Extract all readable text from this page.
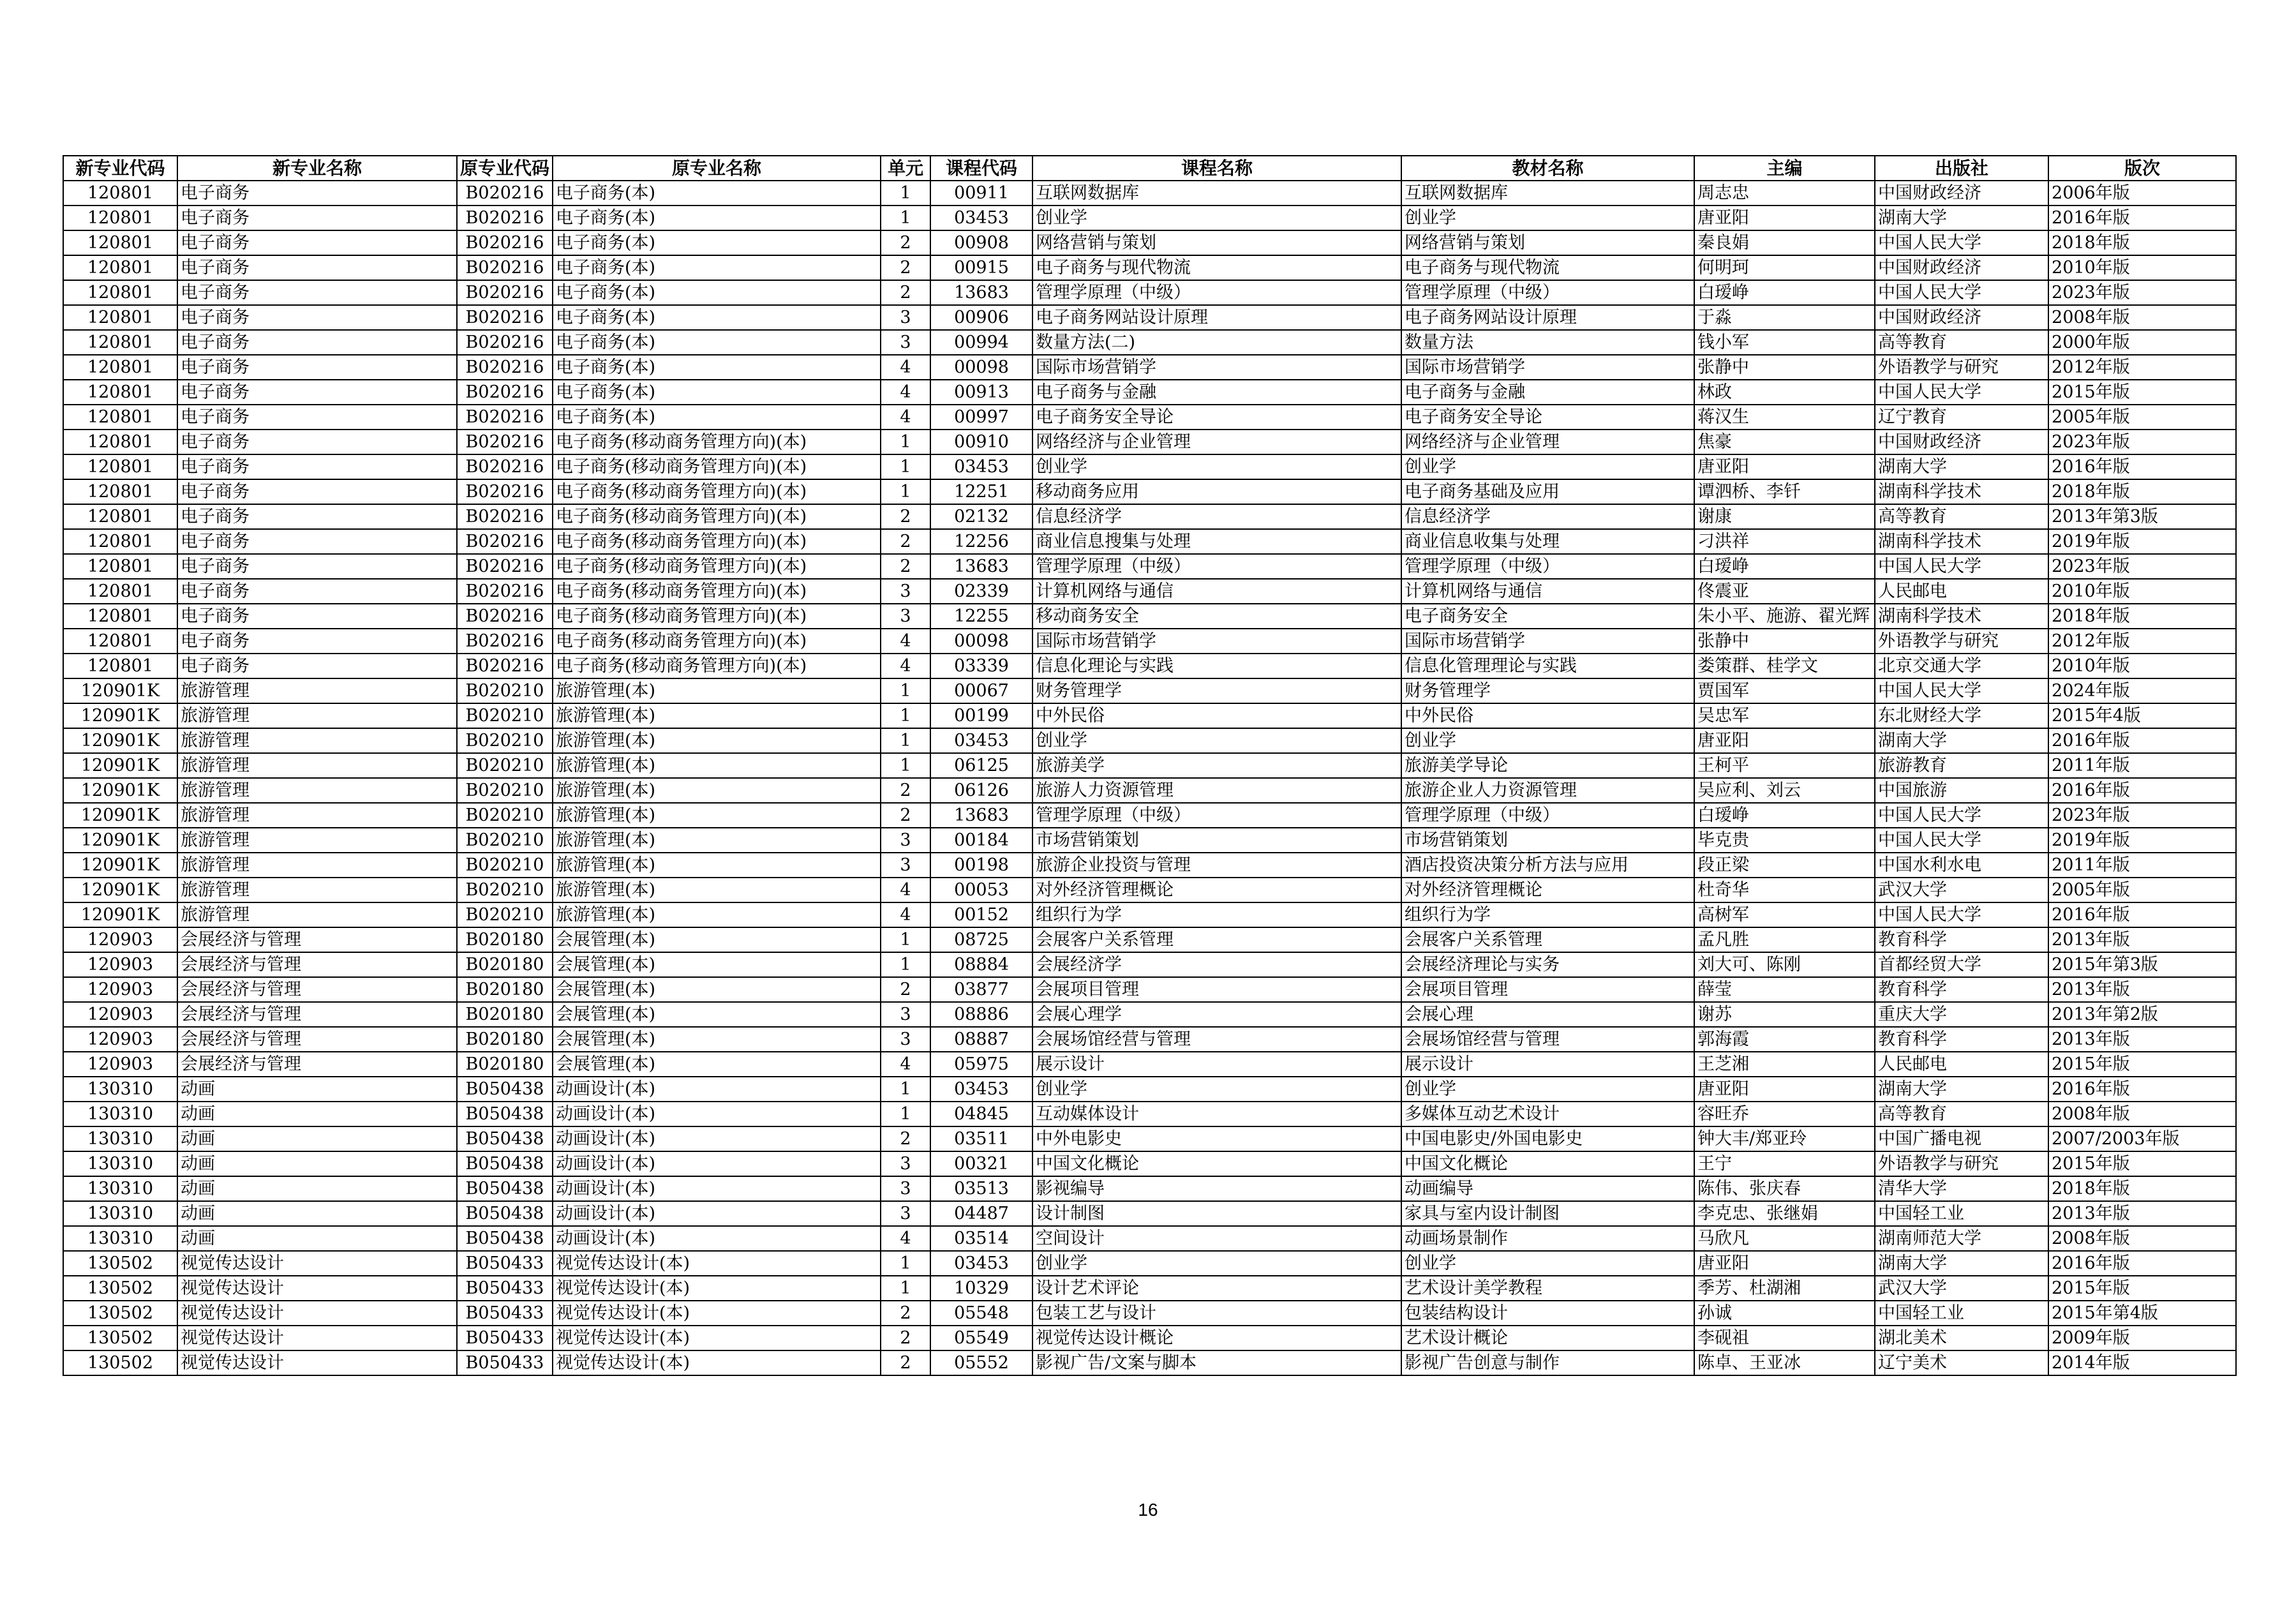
新专业代码	新专业名称	原专业代码	原专业名称	单元	课程代码	课程名称	教材名称	主编	出版社	版次
120801	电子商务	B020216	电子商务(本)	1	00911	互联网数据库	互联网数据库	周志忠	中国财政经济	2006年版
120801	电子商务	B020216	电子商务(本)	1	03453	创业学	创业学	唐亚阳	湖南大学	2016年版
120801	电子商务	B020216	电子商务(本)	2	00908	网络营销与策划	网络营销与策划	秦良娟	中国人民大学	2018年版
120801	电子商务	B020216	电子商务(本)	2	00915	电子商务与现代物流	电子商务与现代物流	何明珂	中国财政经济	2010年版
120801	电子商务	B020216	电子商务(本)	2	13683	管理学原理（中级）	管理学原理（中级）	白瑷峥	中国人民大学	2023年版
120801	电子商务	B020216	电子商务(本)	3	00906	电子商务网站设计原理	电子商务网站设计原理	于淼	中国财政经济	2008年版
120801	电子商务	B020216	电子商务(本)	3	00994	数量方法(二)	数量方法	钱小军	高等教育	2000年版
120801	电子商务	B020216	电子商务(本)	4	00098	国际市场营销学	国际市场营销学	张静中	外语教学与研究	2012年版
120801	电子商务	B020216	电子商务(本)	4	00913	电子商务与金融	电子商务与金融	林政	中国人民大学	2015年版
120801	电子商务	B020216	电子商务(本)	4	00997	电子商务安全导论	电子商务安全导论	蒋汉生	辽宁教育	2005年版
120801	电子商务	B020216	电子商务(移动商务管理方向)(本)	1	00910	网络经济与企业管理	网络经济与企业管理	焦豪	中国财政经济	2023年版
120801	电子商务	B020216	电子商务(移动商务管理方向)(本)	1	03453	创业学	创业学	唐亚阳	湖南大学	2016年版
120801	电子商务	B020216	电子商务(移动商务管理方向)(本)	1	12251	移动商务应用	电子商务基础及应用	谭泗桥、李钎	湖南科学技术	2018年版
120801	电子商务	B020216	电子商务(移动商务管理方向)(本)	2	02132	信息经济学	信息经济学	谢康	高等教育	2013年第3版
120801	电子商务	B020216	电子商务(移动商务管理方向)(本)	2	12256	商业信息搜集与处理	商业信息收集与处理	刁洪祥	湖南科学技术	2019年版
120801	电子商务	B020216	电子商务(移动商务管理方向)(本)	2	13683	管理学原理（中级）	管理学原理（中级）	白瑷峥	中国人民大学	2023年版
120801	电子商务	B020216	电子商务(移动商务管理方向)(本)	3	02339	计算机网络与通信	计算机网络与通信	佟震亚	人民邮电	2010年版
120801	电子商务	B020216	电子商务(移动商务管理方向)(本)	3	12255	移动商务安全	电子商务安全	朱小平、施游、翟光辉	湖南科学技术	2018年版
120801	电子商务	B020216	电子商务(移动商务管理方向)(本)	4	00098	国际市场营销学	国际市场营销学	张静中	外语教学与研究	2012年版
120801	电子商务	B020216	电子商务(移动商务管理方向)(本)	4	03339	信息化理论与实践	信息化管理理论与实践	娄策群、桂学文	北京交通大学	2010年版
120901K	旅游管理	B020210	旅游管理(本)	1	00067	财务管理学	财务管理学	贾国军	中国人民大学	2024年版
120901K	旅游管理	B020210	旅游管理(本)	1	00199	中外民俗	中外民俗	吴忠军	东北财经大学	2015年4版
120901K	旅游管理	B020210	旅游管理(本)	1	03453	创业学	创业学	唐亚阳	湖南大学	2016年版
120901K	旅游管理	B020210	旅游管理(本)	1	06125	旅游美学	旅游美学导论	王柯平	旅游教育	2011年版
120901K	旅游管理	B020210	旅游管理(本)	2	06126	旅游人力资源管理	旅游企业人力资源管理	吴应利、刘云	中国旅游	2016年版
120901K	旅游管理	B020210	旅游管理(本)	2	13683	管理学原理（中级）	管理学原理（中级）	白瑷峥	中国人民大学	2023年版
120901K	旅游管理	B020210	旅游管理(本)	3	00184	市场营销策划	市场营销策划	毕克贵	中国人民大学	2019年版
120901K	旅游管理	B020210	旅游管理(本)	3	00198	旅游企业投资与管理	酒店投资决策分析方法与应用	段正梁	中国水利水电	2011年版
120901K	旅游管理	B020210	旅游管理(本)	4	00053	对外经济管理概论	对外经济管理概论	杜奇华	武汉大学	2005年版
120901K	旅游管理	B020210	旅游管理(本)	4	00152	组织行为学	组织行为学	高树军	中国人民大学	2016年版
120903	会展经济与管理	B020180	会展管理(本)	1	08725	会展客户关系管理	会展客户关系管理	孟凡胜	教育科学	2013年版
120903	会展经济与管理	B020180	会展管理(本)	1	08884	会展经济学	会展经济理论与实务	刘大可、陈刚	首都经贸大学	2015年第3版
120903	会展经济与管理	B020180	会展管理(本)	2	03877	会展项目管理	会展项目管理	薛莹	教育科学	2013年版
120903	会展经济与管理	B020180	会展管理(本)	3	08886	会展心理学	会展心理	谢苏	重庆大学	2013年第2版
120903	会展经济与管理	B020180	会展管理(本)	3	08887	会展场馆经营与管理	会展场馆经营与管理	郭海霞	教育科学	2013年版
120903	会展经济与管理	B020180	会展管理(本)	4	05975	展示设计	展示设计	王芝湘	人民邮电	2015年版
130310	动画	B050438	动画设计(本)	1	03453	创业学	创业学	唐亚阳	湖南大学	2016年版
130310	动画	B050438	动画设计(本)	1	04845	互动媒体设计	多媒体互动艺术设计	容旺乔	高等教育	2008年版
130310	动画	B050438	动画设计(本)	2	03511	中外电影史	中国电影史/外国电影史	钟大丰/郑亚玲	中国广播电视	2007/2003年版
130310	动画	B050438	动画设计(本)	3	00321	中国文化概论	中国文化概论	王宁	外语教学与研究	2015年版
130310	动画	B050438	动画设计(本)	3	03513	影视编导	动画编导	陈伟、张庆春	清华大学	2018年版
130310	动画	B050438	动画设计(本)	3	04487	设计制图	家具与室内设计制图	李克忠、张继娟	中国轻工业	2013年版
130310	动画	B050438	动画设计(本)	4	03514	空间设计	动画场景制作	马欣凡	湖南师范大学	2008年版
130502	视觉传达设计	B050433	视觉传达设计(本)	1	03453	创业学	创业学	唐亚阳	湖南大学	2016年版
130502	视觉传达设计	B050433	视觉传达设计(本)	1	10329	设计艺术评论	艺术设计美学教程	季芳、杜湖湘	武汉大学	2015年版
130502	视觉传达设计	B050433	视觉传达设计(本)	2	05548	包装工艺与设计	包装结构设计	孙诚	中国轻工业	2015年第4版
130502	视觉传达设计	B050433	视觉传达设计(本)	2	05549	视觉传达设计概论	艺术设计概论	李砚祖	湖北美术	2009年版
130502	视觉传达设计	B050433	视觉传达设计(本)	2	05552	影视广告/文案与脚本	影视广告创意与制作	陈卓、王亚冰	辽宁美术	2014年版
16
